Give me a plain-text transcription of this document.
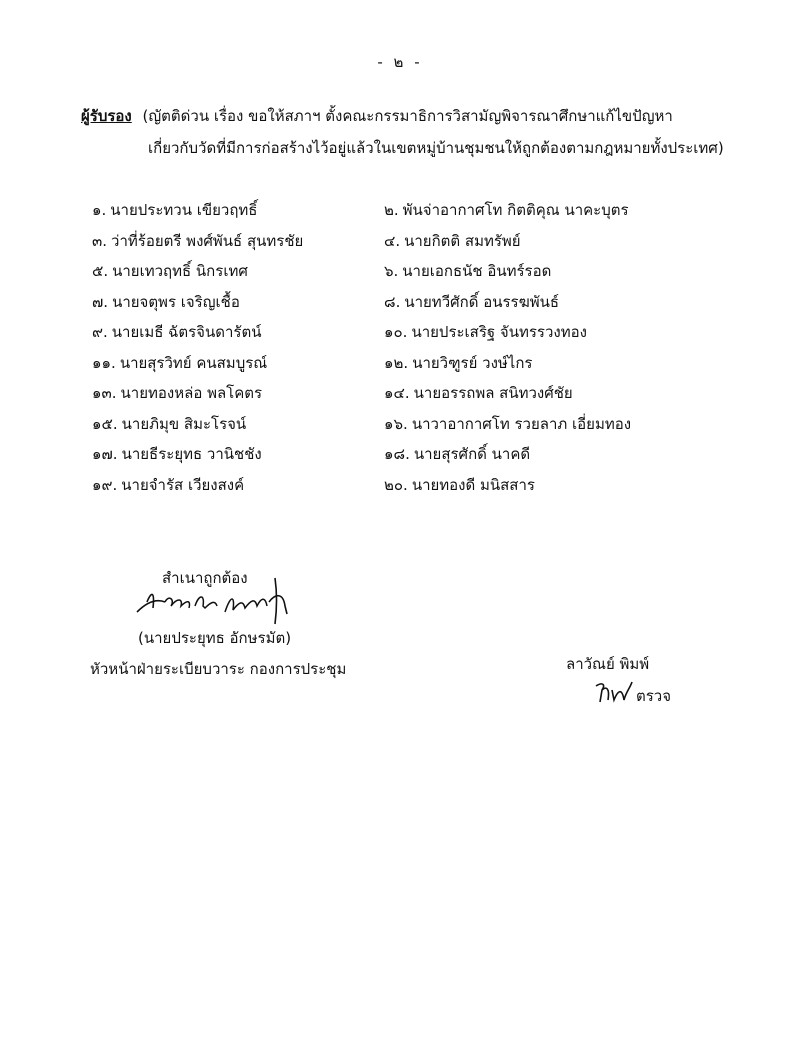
- ๒ -
ผู้รับรอง (ญัตติด่วน เรื่อง ขอให้สภาฯ ตั้งคณะกรรมาธิการวิสามัญพิจารณาศึกษาแก้ไขปัญหา
เกี่ยวกับวัดที่มีการก่อสร้างไว้อยู่แล้วในเขตหมู่บ้านชุมชนให้ถูกต้องตามกฎหมายทั้งประเทศ)
๑. นายประทวน เขียวฤทธิ์
๓. ว่าที่ร้อยตรี พงศ์พันธ์ สุนทรชัย
๕. นายเทวฤทธิ์ นิกรเทศ
๗. นายจตุพร เจริญเชื้อ
๙. นายเมธี ฉัตรจินดารัตน์
๑๑. นายสุรวิทย์ คนสมบูรณ์
๑๓. นายทองหล่อ พลโคตร
๑๕. นายภิมุข สิมะโรจน์
๑๗. นายธีระยุทธ วานิชชัง
๑๙. นายจำรัส เวียงสงค์
๒. พันจ่าอากาศโท กิตติคุณ นาคะบุตร
๔. นายกิตติ สมทรัพย์
๖. นายเอกธนัช อินทร์รอด
๘. นายทวีศักดิ์ อนรรฆพันธ์
๑๐. นายประเสริฐ จันทรรวงทอง
๑๒. นายวิฑูรย์ วงษ์ไกร
๑๔. นายอรรถพล สนิทวงศ์ชัย
๑๖. นาวาอากาศโท รวยลาภ เอี่ยมทอง
๑๘. นายสุรศักดิ์ นาคดี
๒๐. นายทองดี มนิสสาร
สำเนาถูกต้อง
(นายประยุทธ อักษรมัต)
หัวหน้าฝ่ายระเบียบวาระ กองการประชุม	ลาวัณย์ พิมพ์
ตรวจ
